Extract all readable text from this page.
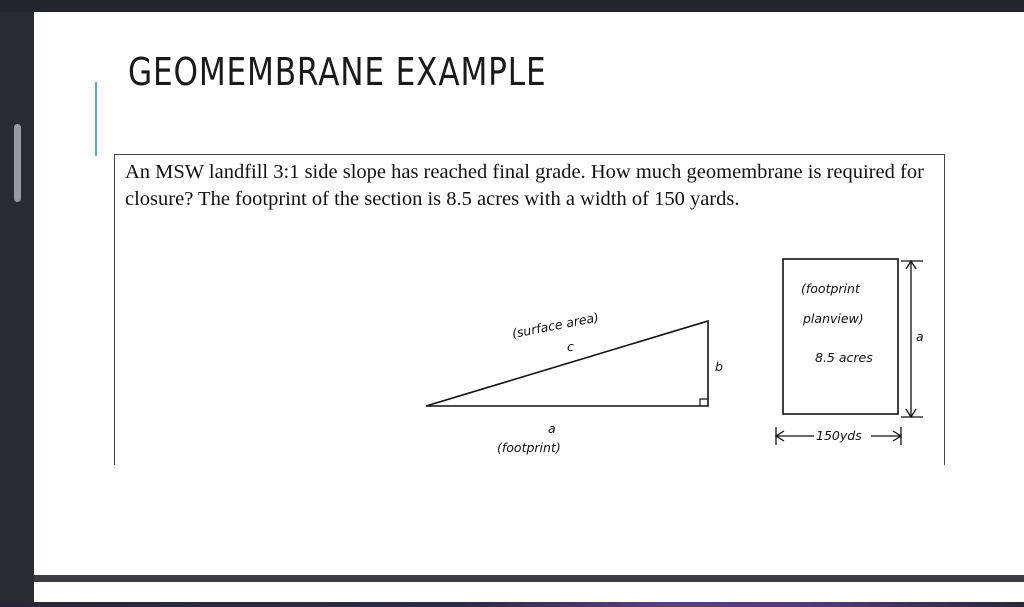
GEOMEMBRANE EXAMPLE

An MSW landfill 3:1 side slope has reached final grade. How much geomembrane is required for closure? The footprint of the section is 8.5 acres with a width of 150 yards.

(surface area)
c
b
a
(footprint)
(footprint
planview)
8.5 acres
a
150yds
